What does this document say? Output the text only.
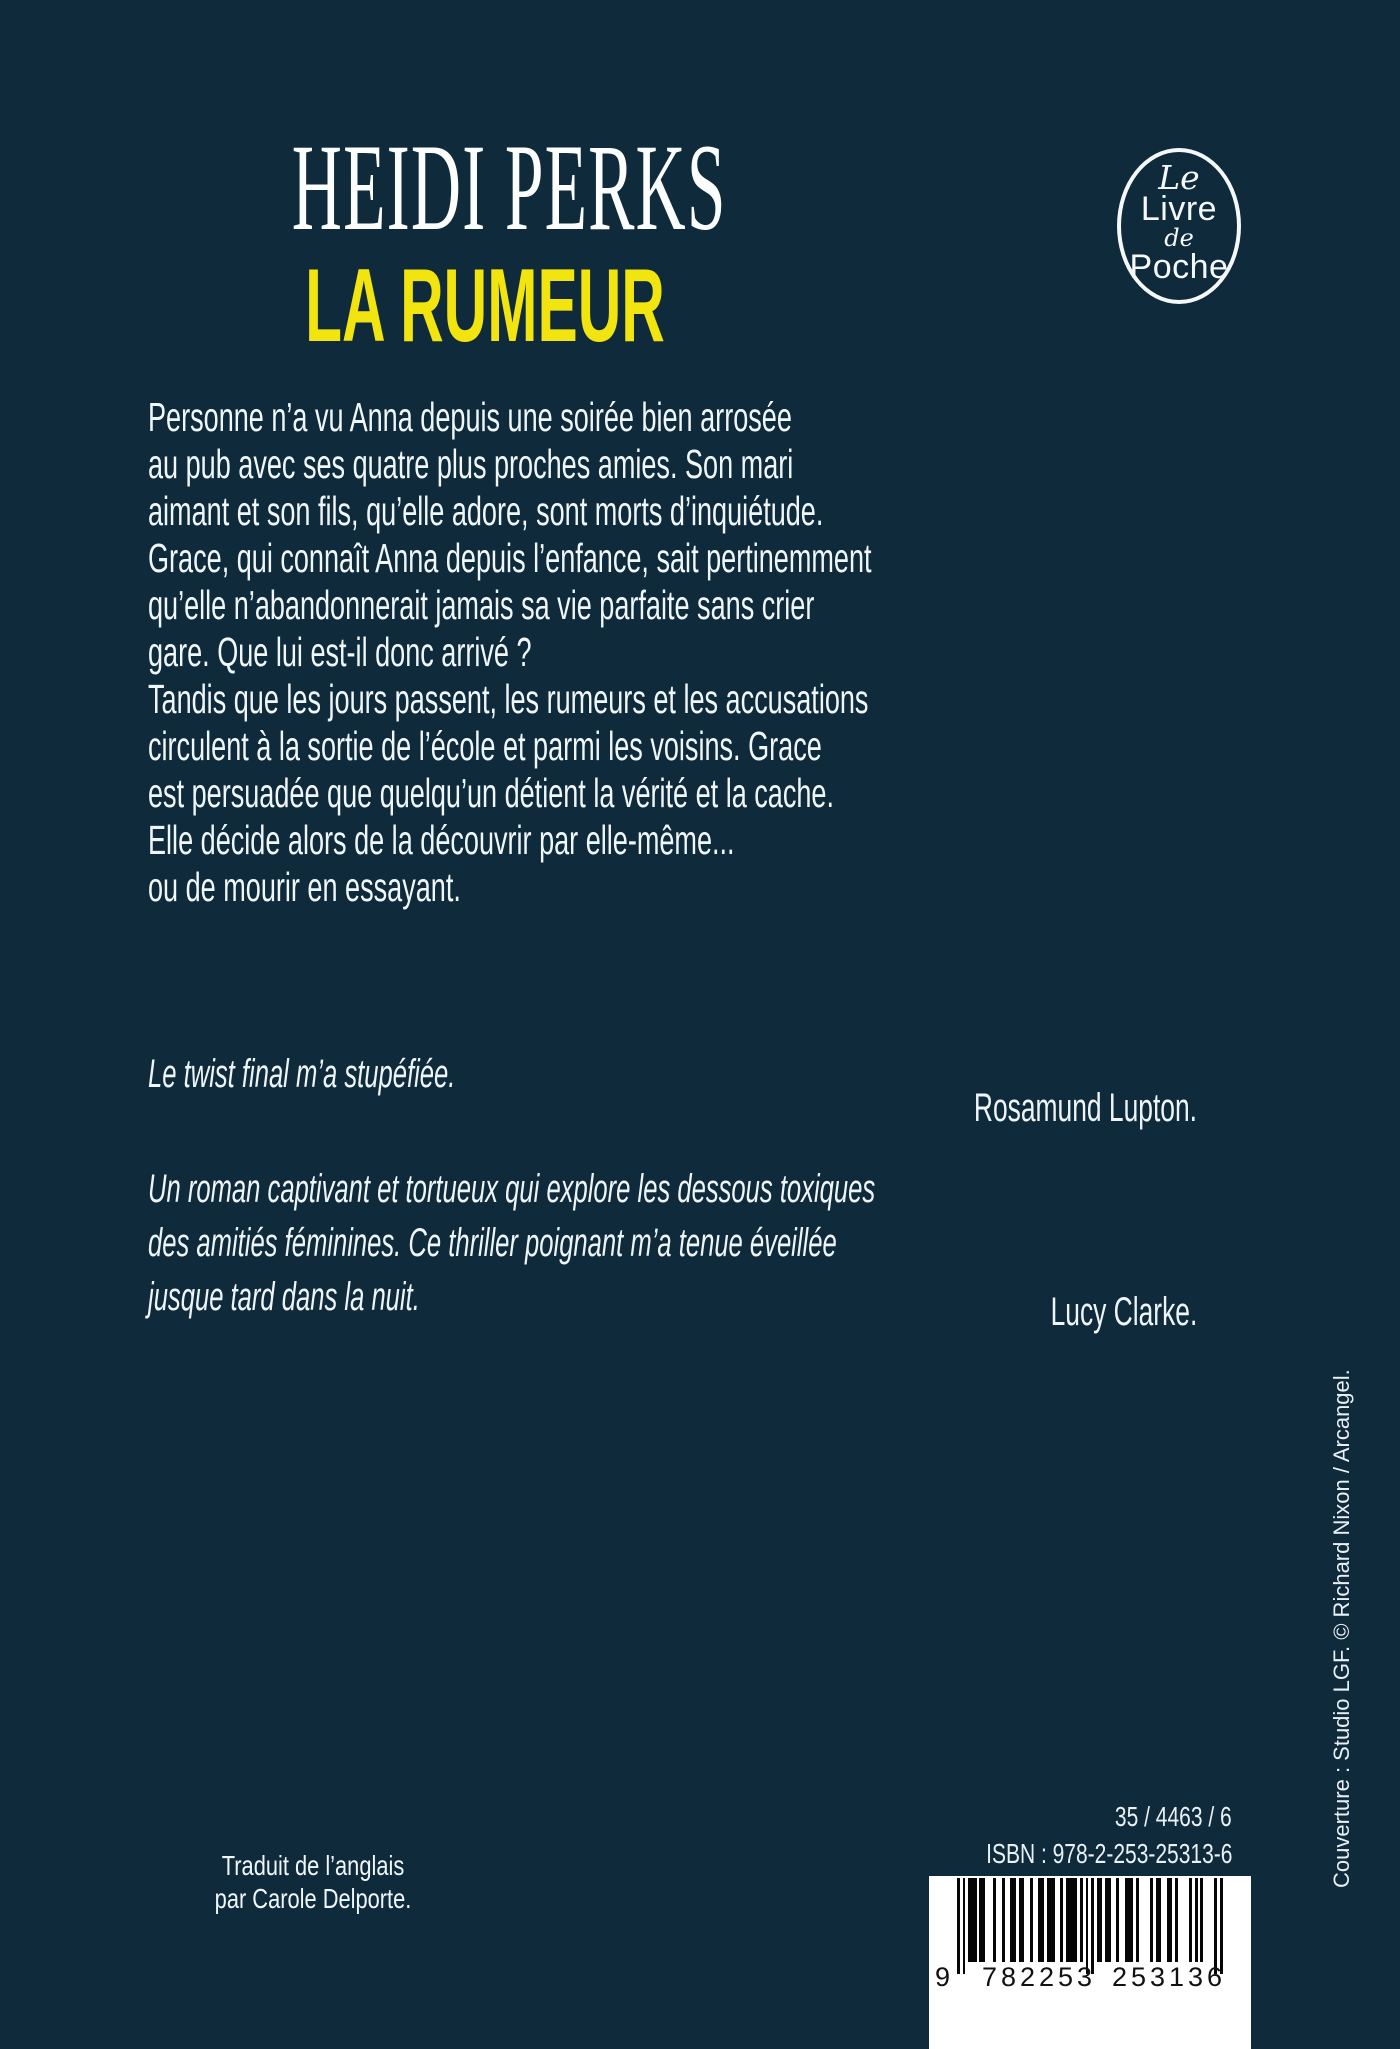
HEIDI PERKS
LA RUMEUR
Le
Livre
de
Poche
Personne n’a vu Anna depuis une soirée bien arrosée
au pub avec ses quatre plus proches amies. Son mari
aimant et son fils, qu’elle adore, sont morts d’inquiétude.
Grace, qui connaît Anna depuis l’enfance, sait pertinemment
qu’elle n’abandonnerait jamais sa vie parfaite sans crier
gare. Que lui est-il donc arrivé ?
Tandis que les jours passent, les rumeurs et les accusations
circulent à la sortie de l’école et parmi les voisins. Grace
est persuadée que quelqu’un détient la vérité et la cache.
Elle décide alors de la découvrir par elle-même...
ou de mourir en essayant.
Le twist final m’a stupéfiée.
Rosamund Lupton.
Un roman captivant et tortueux qui explore les dessous toxiques
des amitiés féminines. Ce thriller poignant m’a tenue éveillée
jusque tard dans la nuit.	Lucy Clarke.
Traduit de l’anglais
par Carole Delporte.
35 / 4463 / 6
ISBN : 978-2-253-25313-6
9 782253 253136
Couverture : Studio LGF. © Richard Nixon / Arcangel.
